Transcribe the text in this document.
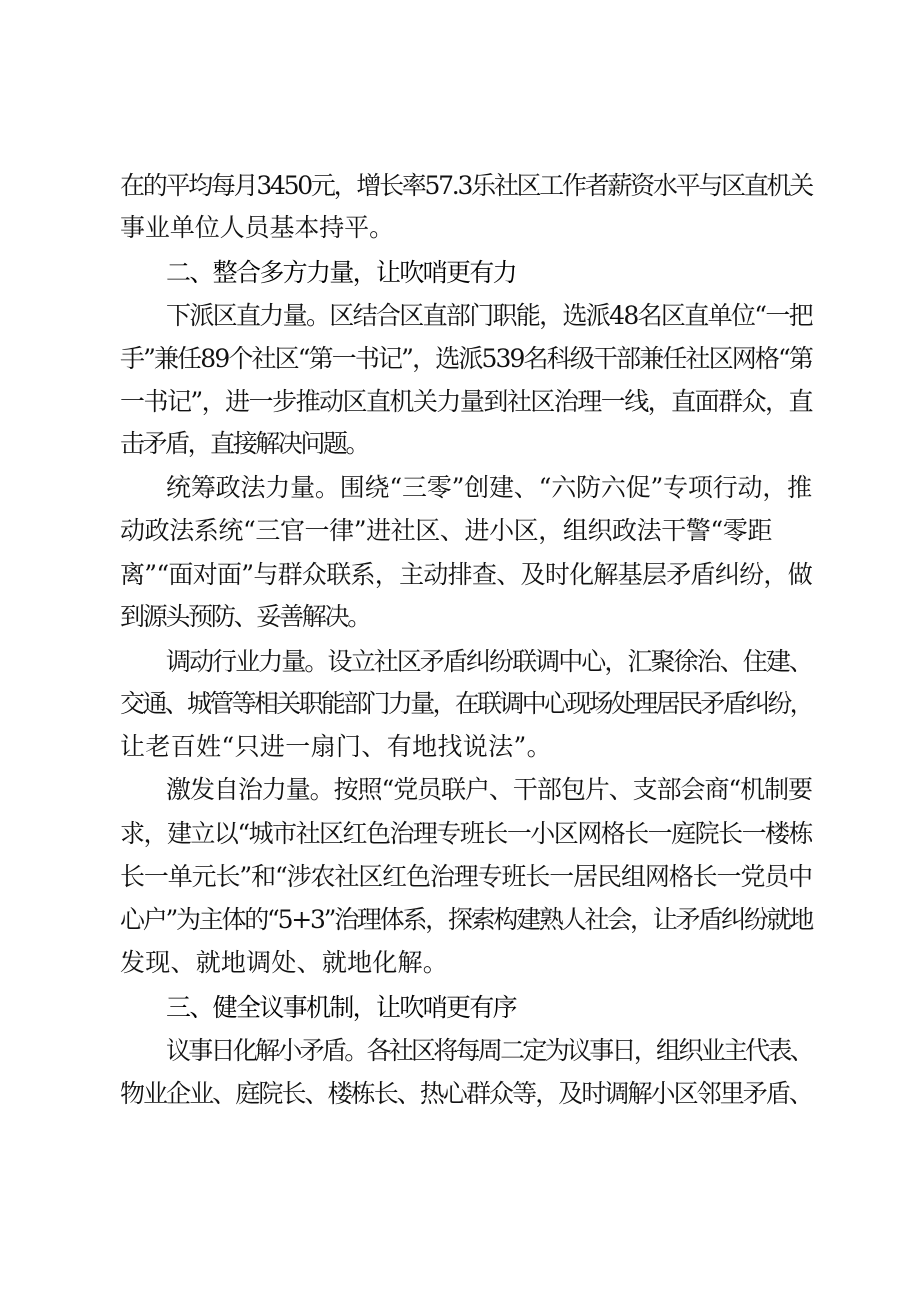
在的平均每月3450元，增长率57.3乐社区工作者薪资水平与区直机关
事业单位人员基本持平。
二、整合多方力量，让吹哨更有力
下派区直力量。区结合区直部门职能，选派48名区直单位“一把
手”兼任89个社区“第一书记”，选派539名科级干部兼任社区网格“第
一书记”，进一步推动区直机关力量到社区治理一线，直面群众，直
击矛盾，直接解决问题。
统筹政法力量。围绕“三零”创建、“六防六促”专项行动，推
动政法系统“三官一律”进社区、进小区，组织政法干警“零距
离”“面对面”与群众联系，主动排查、及时化解基层矛盾纠纷，做
到源头预防、妥善解决。
调动行业力量。设立社区矛盾纠纷联调中心，汇聚徐治、住建、
交通、城管等相关职能部门力量，在联调中心现场处理居民矛盾纠纷，
让老百姓“只进一扇门、有地找说法”。
激发自治力量。按照“党员联户、干部包片、支部会商“机制要
求，建立以“城市社区红色治理专班长一小区网格长一庭院长一楼栋
长一单元长”和“涉农社区红色治理专班长一居民组网格长一党员中
心户”为主体的“5+3”治理体系，探索构建熟人社会，让矛盾纠纷就地
发现、就地调处、就地化解。
三、健全议事机制，让吹哨更有序
议事日化解小矛盾。各社区将每周二定为议事日，组织业主代表、
物业企业、庭院长、楼栋长、热心群众等，及时调解小区邻里矛盾、
